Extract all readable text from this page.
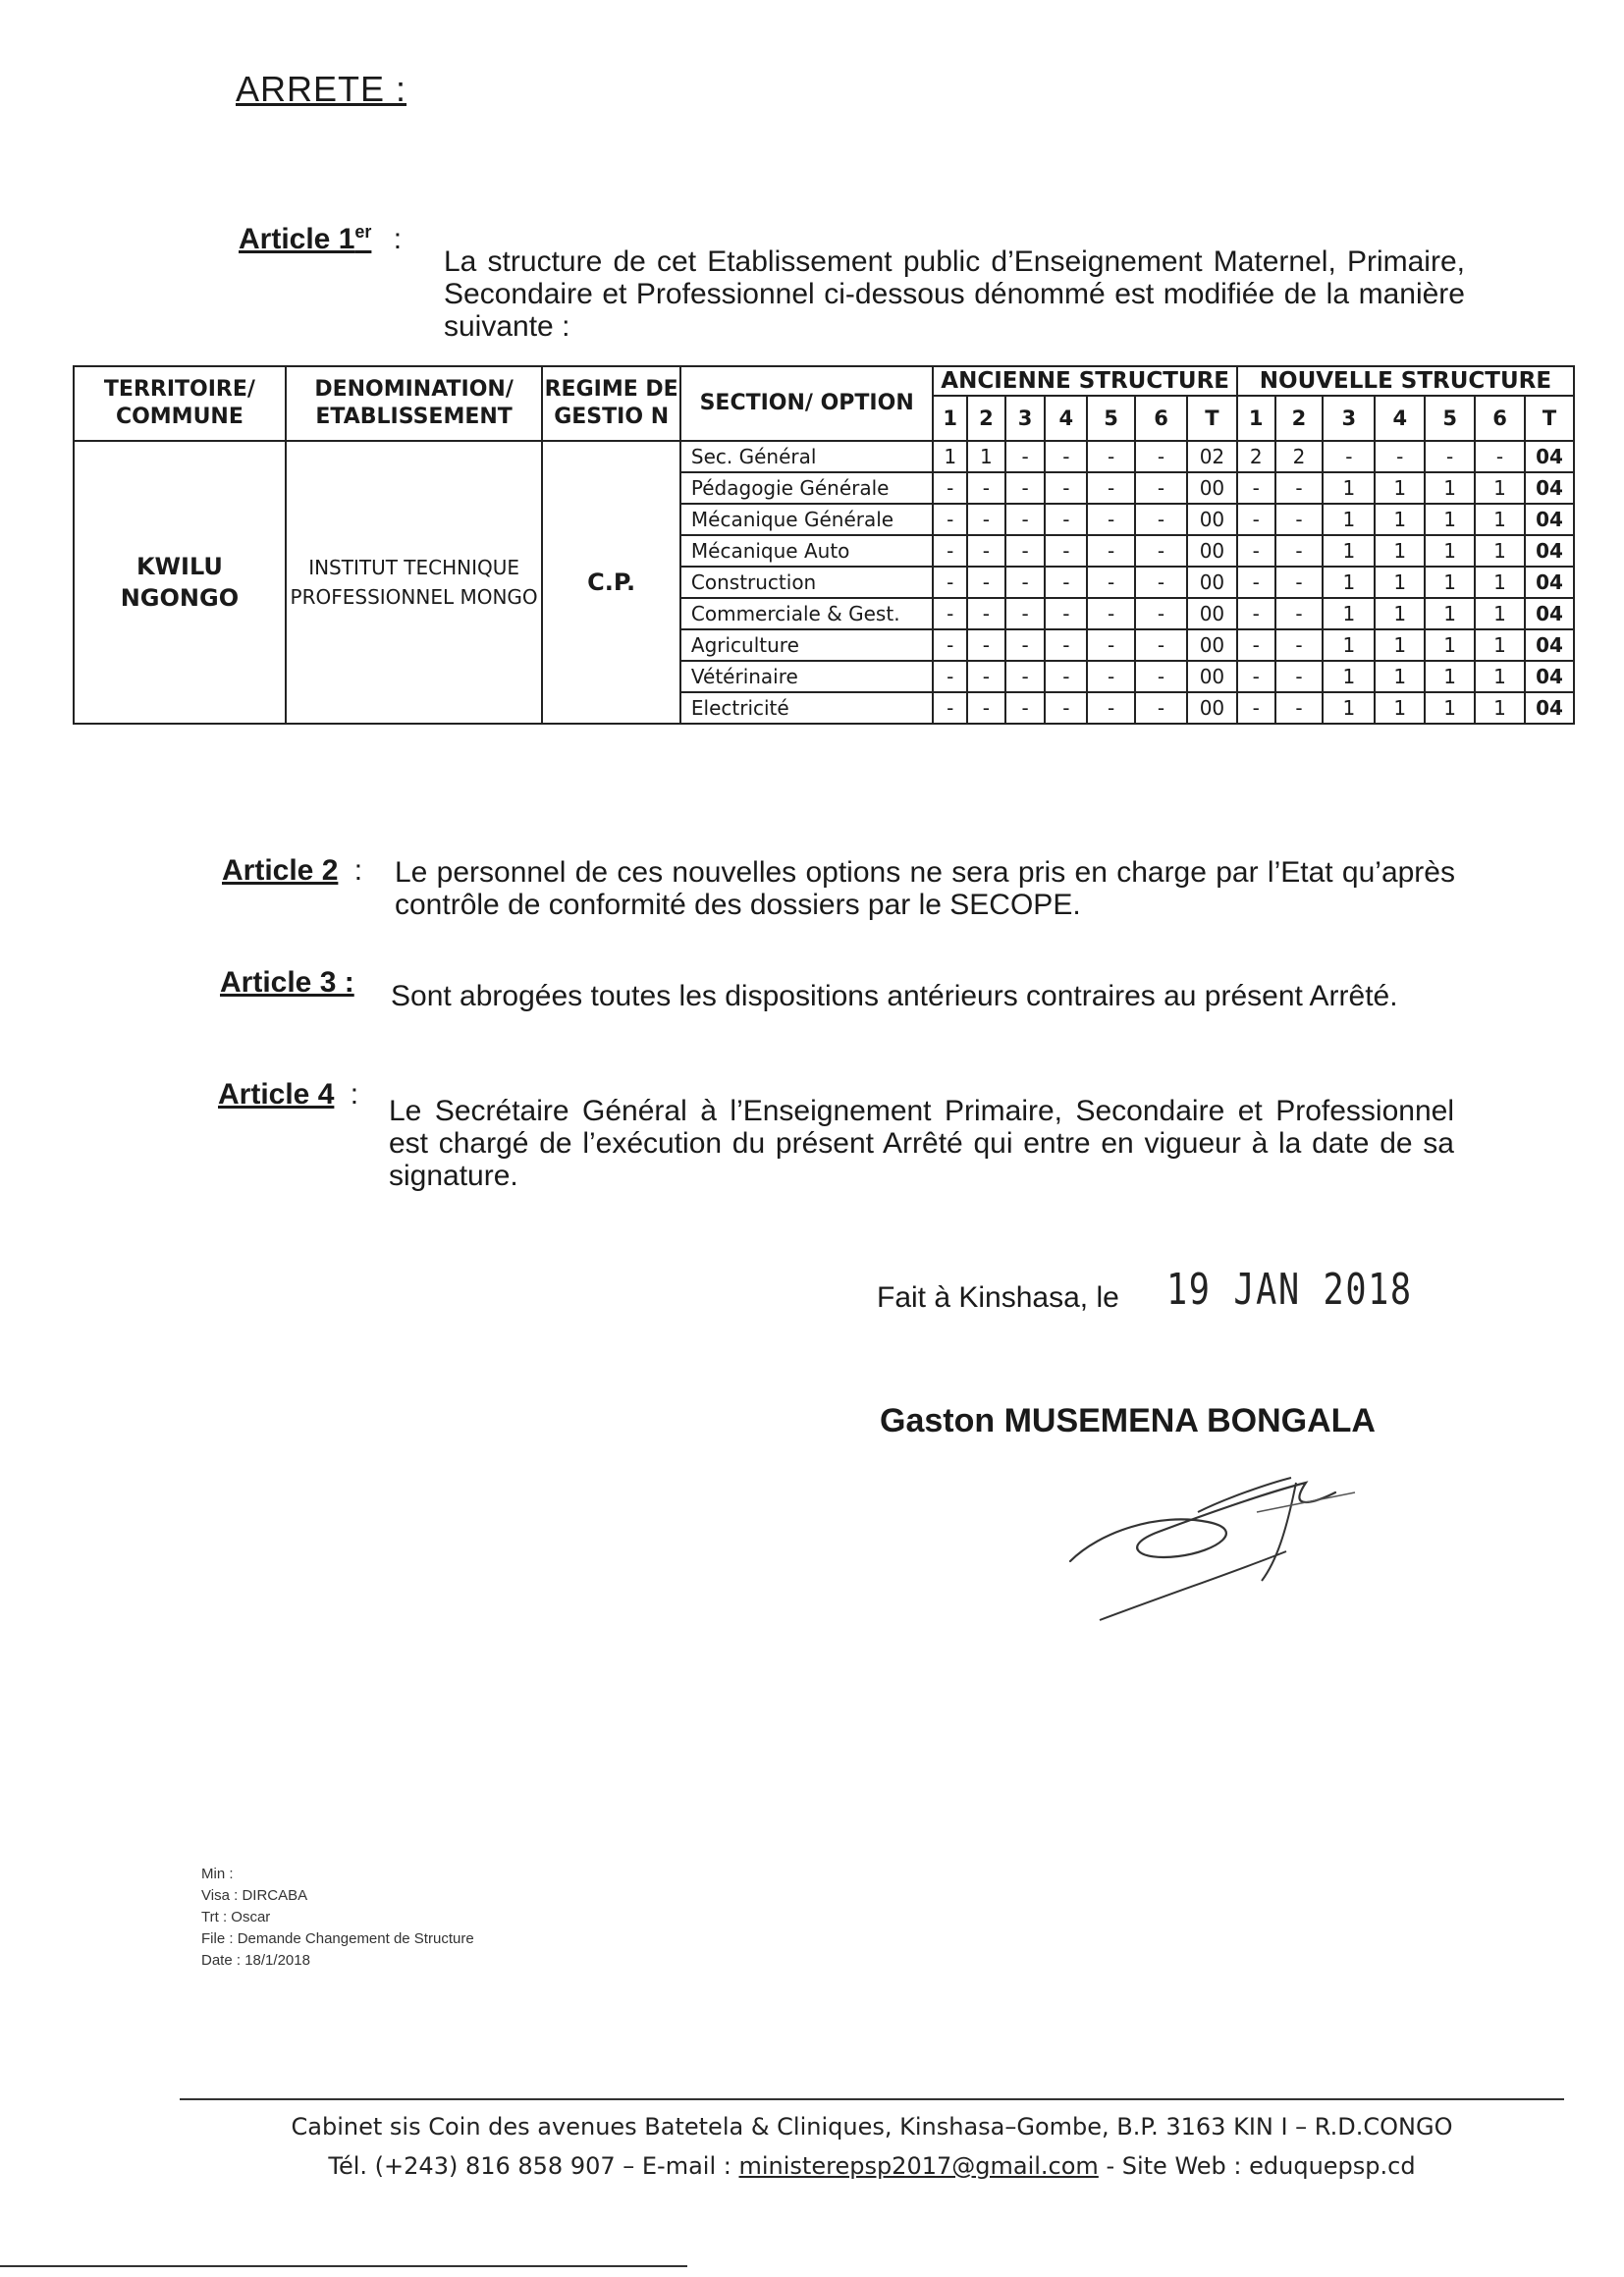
ARRETE :
Article 1er :
La structure de cet Etablissement public d’Enseignement Maternel, Primaire, Secondaire et Professionnel ci-dessous dénommé est modifiée de la manière suivante :
TERRITOIRE/ COMMUNE	DENOMINATION/ ETABLISSEMENT	REGIME DE GESTIO N	SECTION/ OPTION	ANCIENNE STRUCTURE							NOUVELLE STRUCTURE						
				1	2	3	4	5	6	T	1	2	3	4	5	6	T
KWILU NGONGO	INSTITUT TECHNIQUE PROFESSIONNEL MONGO	C.P.	Sec. Général	1	1	-	-	-	-	02	2	2	-	-	-	-	04
			Pédagogie Générale	-	-	-	-	-	-	00	-	-	1	1	1	1	04
			Mécanique Générale	-	-	-	-	-	-	00	-	-	1	1	1	1	04
			Mécanique Auto	-	-	-	-	-	-	00	-	-	1	1	1	1	04
			Construction	-	-	-	-	-	-	00	-	-	1	1	1	1	04
			Commerciale & Gest.	-	-	-	-	-	-	00	-	-	1	1	1	1	04
			Agriculture	-	-	-	-	-	-	00	-	-	1	1	1	1	04
			Vétérinaire	-	-	-	-	-	-	00	-	-	1	1	1	1	04
			Electricité	-	-	-	-	-	-	00	-	-	1	1	1	1	04
Article 2 : Le personnel de ces nouvelles options ne sera pris en charge par l’Etat qu’après contrôle de conformité des dossiers par le SECOPE.
Article 3 : Sont abrogées toutes les dispositions antérieurs contraires au présent Arrêté.
Article 4 :
Le Secrétaire Général à l’Enseignement Primaire, Secondaire et Professionnel est chargé de l’exécution du présent Arrêté qui entre en vigueur à la date de sa signature.
Fait à Kinshasa, le 19 JAN 2018
Gaston MUSEMENA BONGALA
Min :
Visa : DIRCABA
Trt : Oscar
File : Demande Changement de Structure
Date : 18/1/2018
Cabinet sis Coin des avenues Batetela & Cliniques, Kinshasa–Gombe, B.P. 3163 KIN I – R.D.CONGO
Tél. (+243) 816 858 907 – E-mail : ministerepsp2017@gmail.com - Site Web : eduquepsp.cd
